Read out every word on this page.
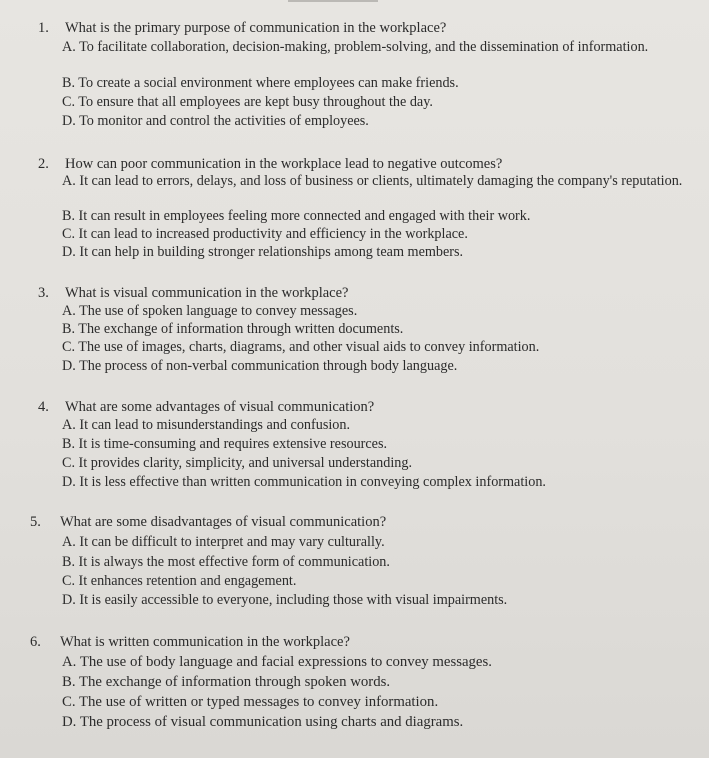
1. What is the primary purpose of communication in the workplace?
A. To facilitate collaboration, decision-making, problem-solving, and the dissemination of information.
B. To create a social environment where employees can make friends.
C. To ensure that all employees are kept busy throughout the day.
D. To monitor and control the activities of employees.
2. How can poor communication in the workplace lead to negative outcomes?
A. It can lead to errors, delays, and loss of business or clients, ultimately damaging the company's reputation.
B. It can result in employees feeling more connected and engaged with their work.
C. It can lead to increased productivity and efficiency in the workplace.
D. It can help in building stronger relationships among team members.
3. What is visual communication in the workplace?
A. The use of spoken language to convey messages.
B. The exchange of information through written documents.
C. The use of images, charts, diagrams, and other visual aids to convey information.
D. The process of non-verbal communication through body language.
4. What are some advantages of visual communication?
A. It can lead to misunderstandings and confusion.
B. It is time-consuming and requires extensive resources.
C. It provides clarity, simplicity, and universal understanding.
D. It is less effective than written communication in conveying complex information.
5. What are some disadvantages of visual communication?
A. It can be difficult to interpret and may vary culturally.
B. It is always the most effective form of communication.
C. It enhances retention and engagement.
D. It is easily accessible to everyone, including those with visual impairments.
6. What is written communication in the workplace?
A. The use of body language and facial expressions to convey messages.
B. The exchange of information through spoken words.
C. The use of written or typed messages to convey information.
D. The process of visual communication using charts and diagrams.
